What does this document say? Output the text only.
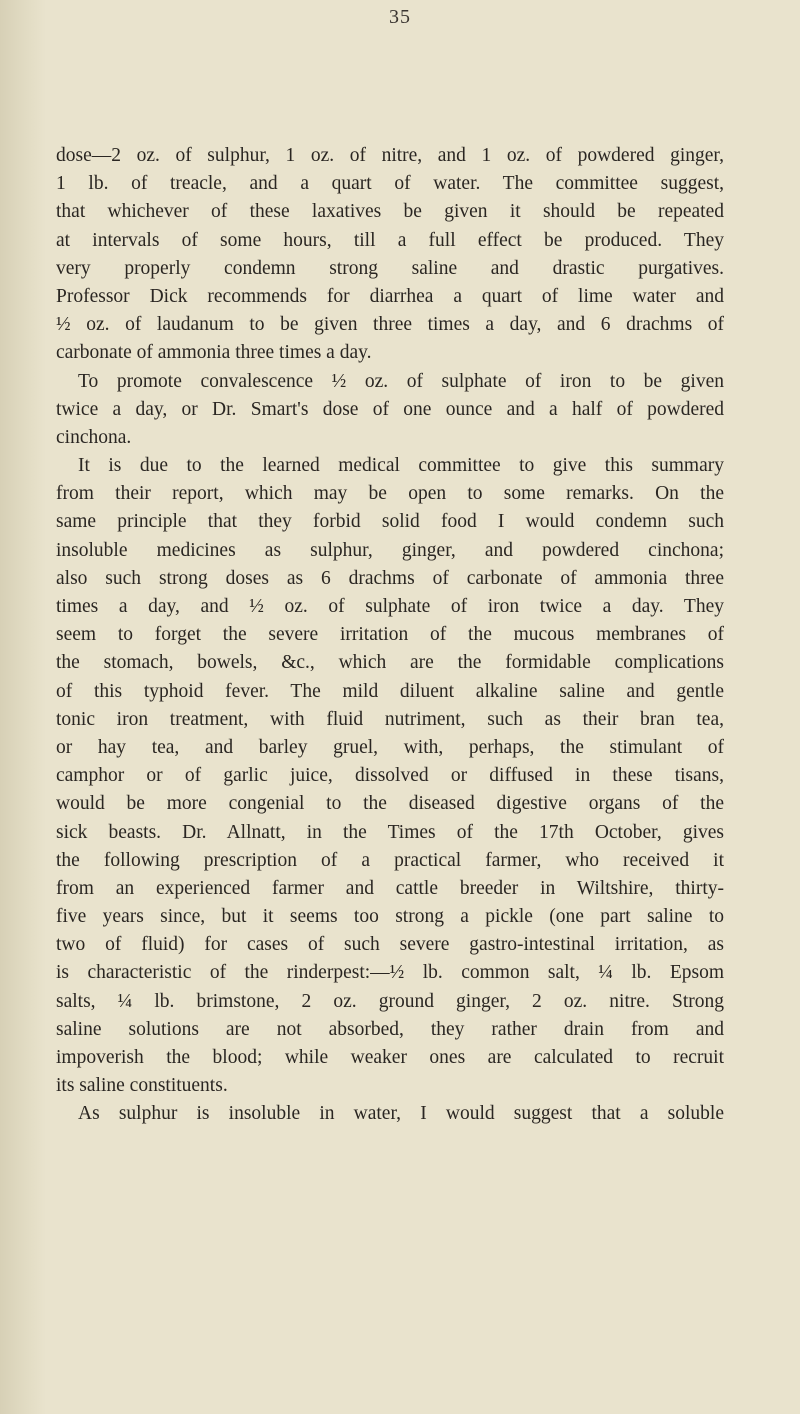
35
dose—2 oz. of sulphur, 1 oz. of nitre, and 1 oz. of powdered ginger,
1 lb. of treacle, and a quart of water. The committee suggest,
that whichever of these laxatives be given it should be repeated
at intervals of some hours, till a full effect be produced. They
very properly condemn strong saline and drastic purgatives.
Professor Dick recommends for diarrhea a quart of lime water and
½ oz. of laudanum to be given three times a day, and 6 drachms of
carbonate of ammonia three times a day.
To promote convalescence ½ oz. of sulphate of iron to be given
twice a day, or Dr. Smart's dose of one ounce and a half of powdered
cinchona.
It is due to the learned medical committee to give this summary
from their report, which may be open to some remarks. On the
same principle that they forbid solid food I would condemn such
insoluble medicines as sulphur, ginger, and powdered cinchona;
also such strong doses as 6 drachms of carbonate of ammonia three
times a day, and ½ oz. of sulphate of iron twice a day. They
seem to forget the severe irritation of the mucous membranes of
the stomach, bowels, &c., which are the formidable complications
of this typhoid fever. The mild diluent alkaline saline and gentle
tonic iron treatment, with fluid nutriment, such as their bran tea,
or hay tea, and barley gruel, with, perhaps, the stimulant of
camphor or of garlic juice, dissolved or diffused in these tisans,
would be more congenial to the diseased digestive organs of the
sick beasts. Dr. Allnatt, in the Times of the 17th October, gives
the following prescription of a practical farmer, who received it
from an experienced farmer and cattle breeder in Wiltshire, thirty-
five years since, but it seems too strong a pickle (one part saline to
two of fluid) for cases of such severe gastro-intestinal irritation, as
is characteristic of the rinderpest:—½ lb. common salt, ¼ lb. Epsom
salts, ¼ lb. brimstone, 2 oz. ground ginger, 2 oz. nitre. Strong
saline solutions are not absorbed, they rather drain from and
impoverish the blood; while weaker ones are calculated to recruit
its saline constituents.
As sulphur is insoluble in water, I would suggest that a soluble
